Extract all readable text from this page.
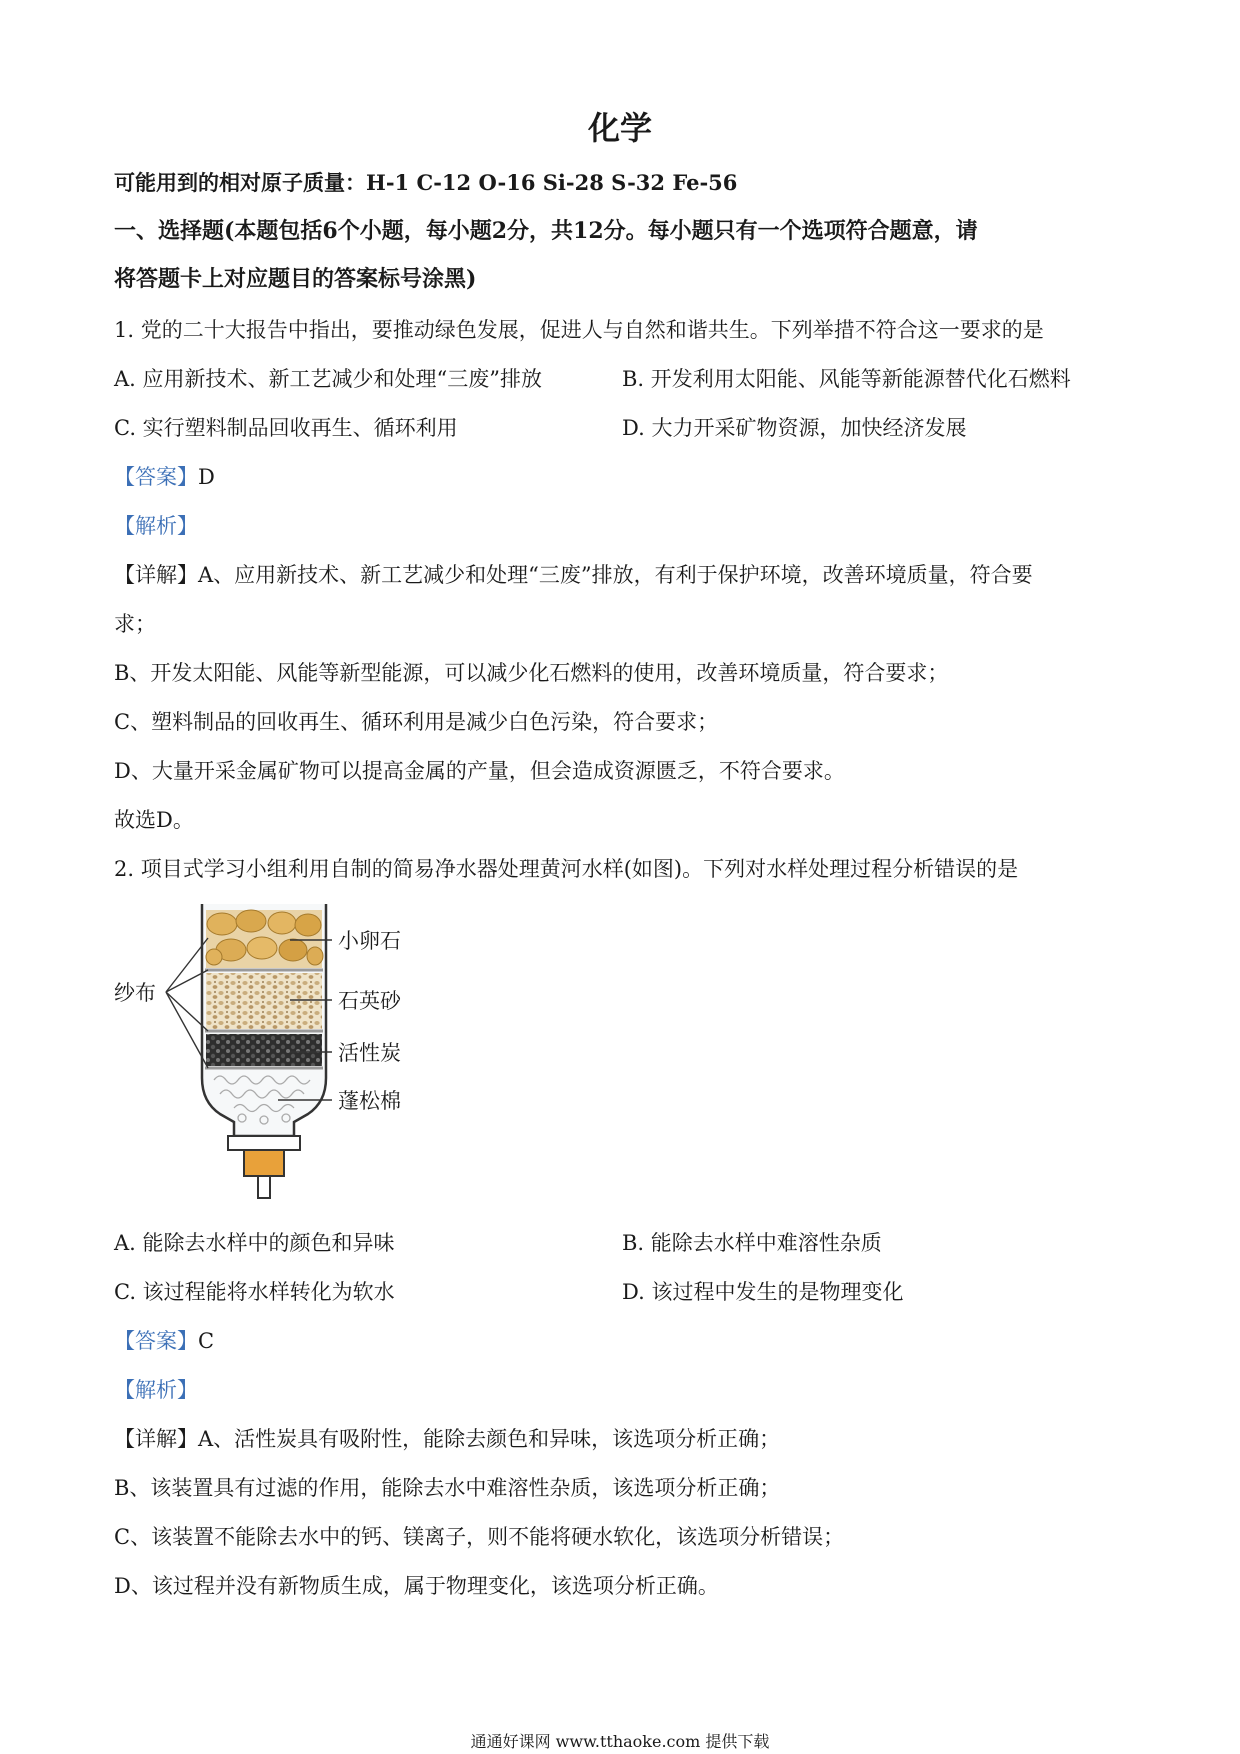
化学
可能用到的相对原子质量：H-1 C-12 O-16 Si-28 S-32 Fe-56
一、选择题(本题包括6个小题，每小题2分，共12分。每小题只有一个选项符合题意，请
将答题卡上对应题目的答案标号涂黑)
1. 党的二十大报告中指出，要推动绿色发展，促进人与自然和谐共生。下列举措不符合这一要求的是
A. 应用新技术、新工艺减少和处理“三废”排放	B. 开发利用太阳能、风能等新能源替代化石燃料
C. 实行塑料制品回收再生、循环利用	D. 大力开采矿物资源，加快经济发展
【答案】D
【解析】
【详解】A、应用新技术、新工艺减少和处理“三废”排放，有利于保护环境，改善环境质量，符合要
求；
B、开发太阳能、风能等新型能源，可以减少化石燃料的使用，改善环境质量，符合要求；
C、塑料制品的回收再生、循环利用是减少白色污染，符合要求；
D、大量开采金属矿物可以提高金属的产量，但会造成资源匮乏，不符合要求。
故选D。
2. 项目式学习小组利用自制的简易净水器处理黄河水样(如图)。下列对水样处理过程分析错误的是
纱布
小卵石
石英砂
活性炭
蓬松棉
A. 能除去水样中的颜色和异味	B. 能除去水样中难溶性杂质
C. 该过程能将水样转化为软水	D. 该过程中发生的是物理变化
【答案】C
【解析】
【详解】A、活性炭具有吸附性，能除去颜色和异味，该选项分析正确；
B、该装置具有过滤的作用，能除去水中难溶性杂质，该选项分析正确；
C、该装置不能除去水中的钙、镁离子，则不能将硬水软化，该选项分析错误；
D、该过程并没有新物质生成，属于物理变化，该选项分析正确。
通通好课网 www.tthaoke.com 提供下载
